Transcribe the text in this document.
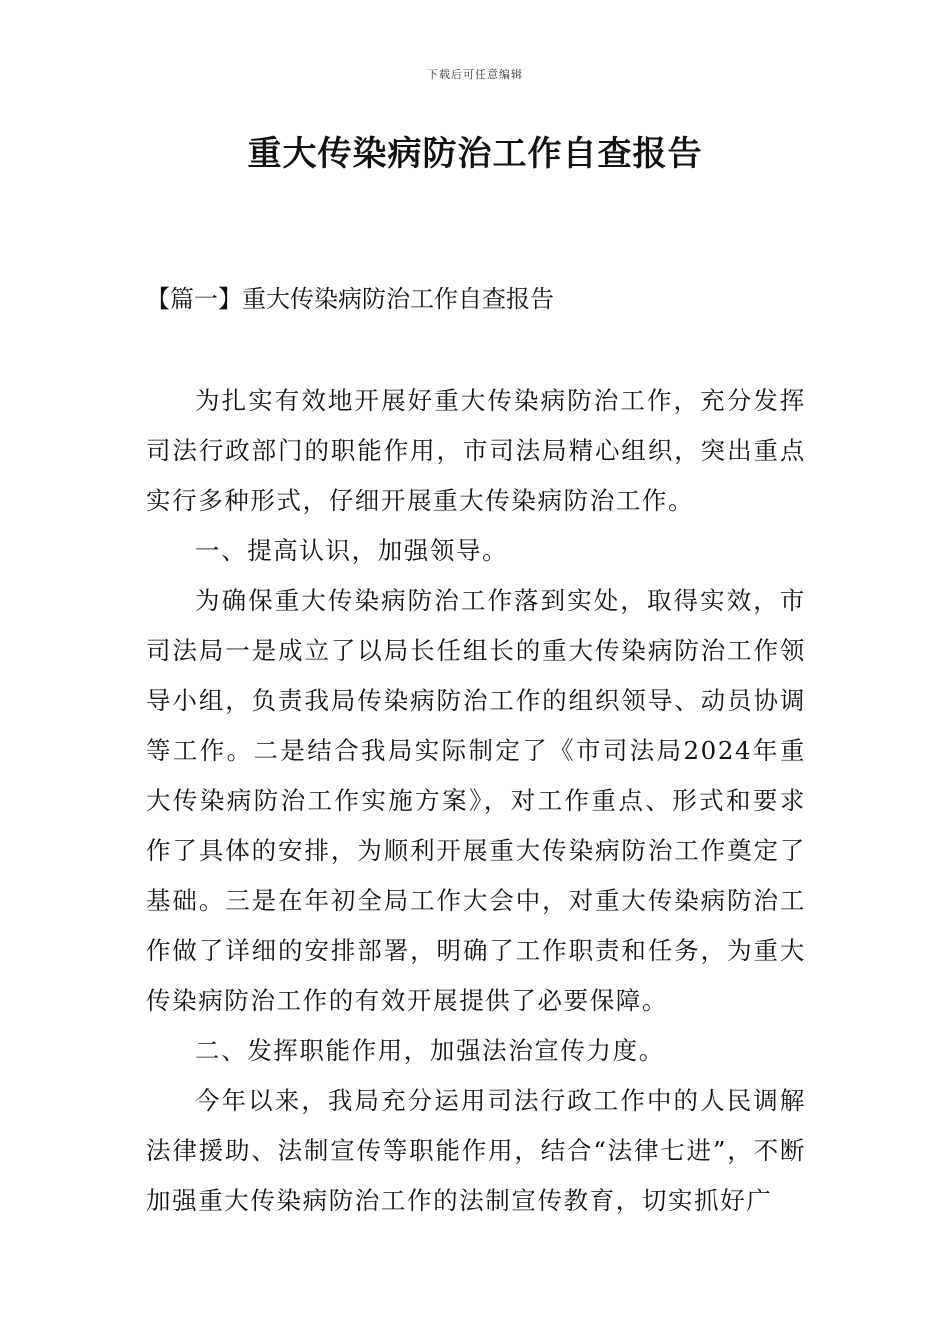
下载后可任意编辑
重大传染病防治工作自查报告
【篇一】重大传染病防治工作自查报告

为扎实有效地开展好重大传染病防治工作，充分发挥司法行政部门的职能作用，市司法局精心组织，突出重点实行多种形式，仔细开展重大传染病防治工作。

一、提高认识，加强领导。

为确保重大传染病防治工作落到实处，取得实效，市司法局一是成立了以局长任组长的重大传染病防治工作领导小组，负责我局传染病防治工作的组织领导、动员协调等工作。二是结合我局实际制定了《市司法局2024年重大传染病防治工作实施方案》，对工作重点、形式和要求作了具体的安排，为顺利开展重大传染病防治工作奠定了基础。三是在年初全局工作大会中，对重大传染病防治工作做了详细的安排部署，明确了工作职责和任务，为重大传染病防治工作的有效开展提供了必要保障。

二、发挥职能作用，加强法治宣传力度。

今年以来，我局充分运用司法行政工作中的人民调解法律援助、法制宣传等职能作用，结合“法律七进”，不断加强重大传染病防治工作的法制宣传教育，切实抓好广
